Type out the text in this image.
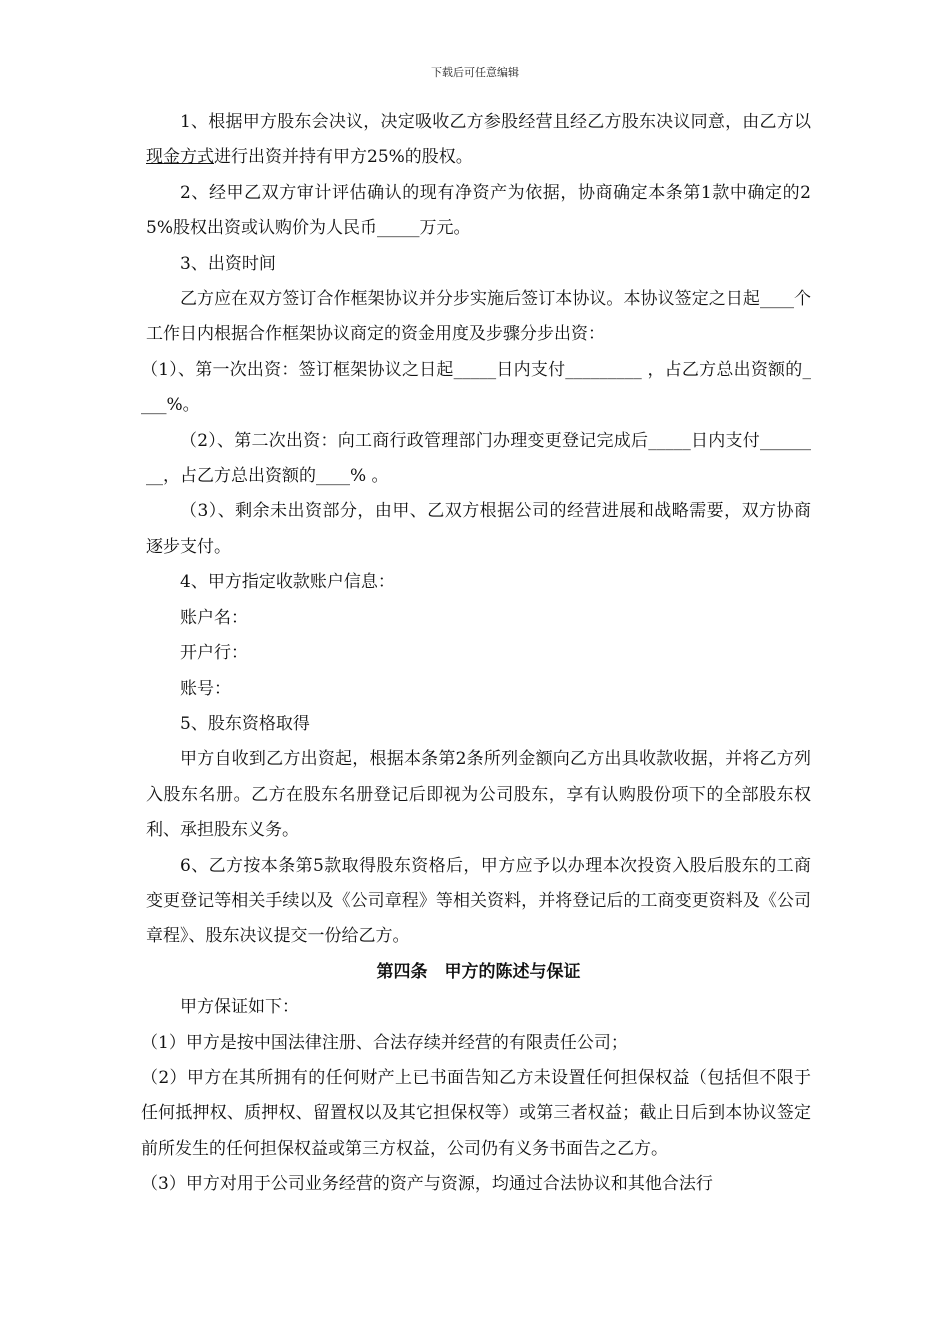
下载后可任意编辑

1、根据甲方股东会决议，决定吸收乙方参股经营且经乙方股东决议同意，由乙方以现金方式进行出资并持有甲方25%的股权。

2、经甲乙双方审计评估确认的现有净资产为依据，协商确定本条第1款中确定的25%股权出资或认购价为人民币_____万元。

3、出资时间

乙方应在双方签订合作框架协议并分步实施后签订本协议。本协议签定之日起____个工作日内根据合作框架协议商定的资金用度及步骤分步出资：

（1）、第一次出资：签订框架协议之日起_____日内支付_________ ，占乙方总出资额的____%。

（2）、第二次出资：向工商行政管理部门办理变更登记完成后_____日内支付________，占乙方总出资额的____% 。

（3）、剩余未出资部分，由甲、乙双方根据公司的经营进展和战略需要，双方协商逐步支付。

4、甲方指定收款账户信息：

账户名：

开户行：

账号：

5、股东资格取得

甲方自收到乙方出资起，根据本条第2条所列金额向乙方出具收款收据，并将乙方列入股东名册。乙方在股东名册登记后即视为公司股东，享有认购股份项下的全部股东权利、承担股东义务。

6、乙方按本条第5款取得股东资格后，甲方应予以办理本次投资入股后股东的工商变更登记等相关手续以及《公司章程》等相关资料，并将登记后的工商变更资料及《公司章程》、股东决议提交一份给乙方。

第四条　甲方的陈述与保证

甲方保证如下：

（1）甲方是按中国法律注册、合法存续并经营的有限责任公司；

（2）甲方在其所拥有的任何财产上已书面告知乙方未设置任何担保权益（包括但不限于任何抵押权、质押权、留置权以及其它担保权等）或第三者权益；截止日后到本协议签定前所发生的任何担保权益或第三方权益，公司仍有义务书面告之乙方。

（3）甲方对用于公司业务经营的资产与资源，均通过合法协议和其他合法行
